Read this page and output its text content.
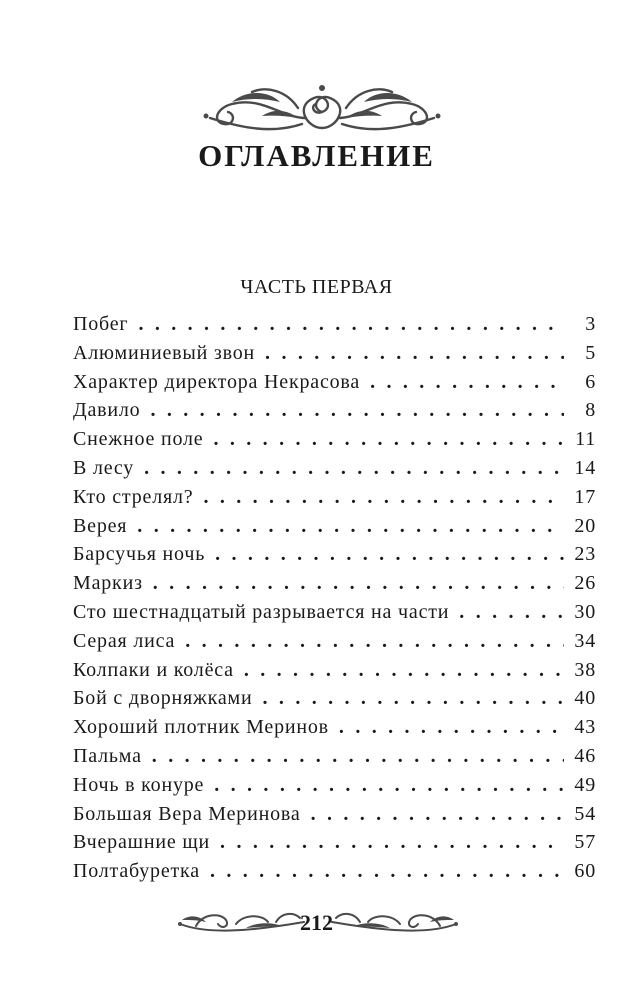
ОГЛАВЛЕНИЕ
ЧАСТЬ ПЕРВАЯ
Побег . . .	3
Алюминиевый звон . . .	5
Характер директора Некрасова . . .	6
Давило . . .	8
Снежное поле . . .	11
В лесу . . .	14
Кто стрелял? . . .	17
Верея . . .	20
Барсучья ночь . . .	23
Маркиз . . .	26
Сто шестнадцатый разрывается на части . . .	30
Серая лиса . . .	34
Колпаки и колёса . . .	38
Бой с дворняжками . . .	40
Хороший плотник Меринов . . .	43
Пальма . . .	46
Ночь в конуре . . .	49
Большая Вера Меринова . . .	54
Вчерашние щи . . .	57
Полтабуретка . . .	60
212
